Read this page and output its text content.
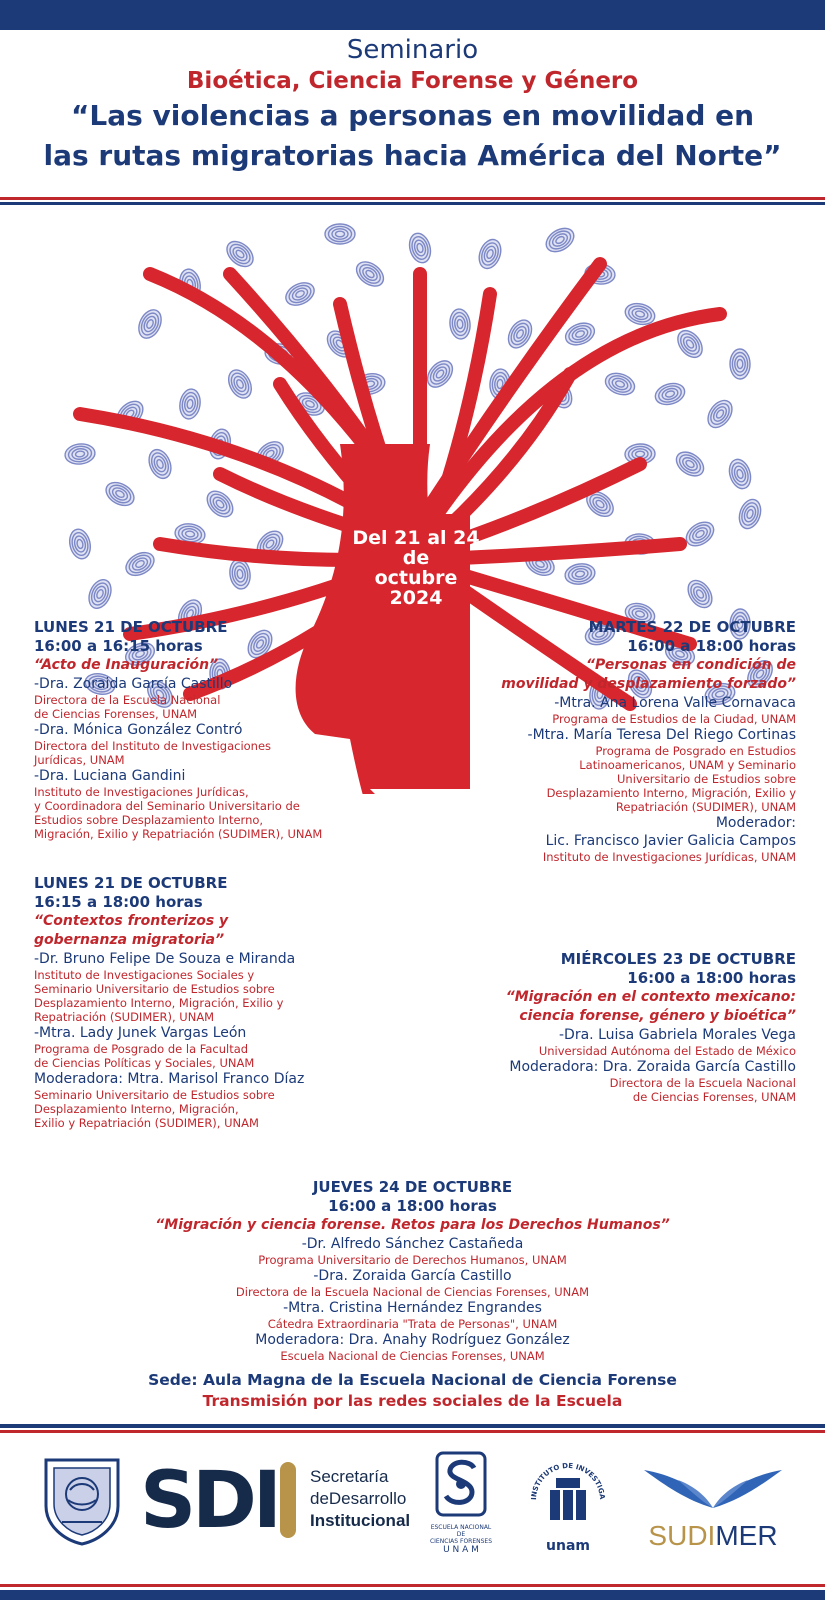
Seminario
Bioética, Ciencia Forense y Género
“Las violencias a personas en movilidad en
las rutas migratorias hacia América del Norte”
Del 21 al 24
de
octubre
2024
LUNES 21 DE OCTUBRE
16:00 a 16:15 horas
“Acto de Inauguración”
-Dra. Zoraida García Castillo
Directora de la Escuela Nacional
de Ciencias Forenses, UNAM
-Dra. Mónica González Contró
Directora del Instituto de Investigaciones
Jurídicas, UNAM
-Dra. Luciana Gandini
Instituto de Investigaciones Jurídicas,
y Coordinadora del Seminario Universitario de
Estudios sobre Desplazamiento Interno,
Migración, Exilio y Repatriación (SUDIMER), UNAM
LUNES 21 DE OCTUBRE
16:15 a 18:00 horas
“Contextos fronterizos y
gobernanza migratoria”
-Dr. Bruno Felipe De Souza e Miranda
Instituto de Investigaciones Sociales y
Seminario Universitario de Estudios sobre
Desplazamiento Interno, Migración, Exilio y
Repatriación (SUDIMER), UNAM
-Mtra. Lady Junek Vargas León
Programa de Posgrado de la Facultad
de Ciencias Políticas y Sociales, UNAM
Moderadora: Mtra. Marisol Franco Díaz
Seminario Universitario de Estudios sobre
Desplazamiento Interno, Migración,
Exilio y Repatriación (SUDIMER), UNAM
MARTES 22 DE OCTUBRE
16:00 a 18:00 horas
“Personas en condición de
movilidad y desplazamiento forzado”
-Mtra. Ana Lorena Valle Cornavaca
Programa de Estudios de la Ciudad, UNAM
-Mtra. María Teresa Del Riego Cortinas
Programa de Posgrado en Estudios
Latinoamericanos, UNAM y Seminario
Universitario de Estudios sobre
Desplazamiento Interno, Migración, Exilio y
Repatriación (SUDIMER), UNAM
Moderador:
Lic. Francisco Javier Galicia Campos
Instituto de Investigaciones Jurídicas, UNAM
MIÉRCOLES 23 DE OCTUBRE
16:00 a 18:00 horas
“Migración en el contexto mexicano:
ciencia forense, género y bioética”
-Dra. Luisa Gabriela Morales Vega
Universidad Autónoma del Estado de México
Moderadora: Dra. Zoraida García Castillo
Directora de la Escuela Nacional
de Ciencias Forenses, UNAM
JUEVES 24 DE OCTUBRE
16:00 a 18:00 horas
“Migración y ciencia forense. Retos para los Derechos Humanos”
-Dr. Alfredo Sánchez Castañeda
Programa Universitario de Derechos Humanos, UNAM
-Dra. Zoraida García Castillo
Directora de la Escuela Nacional de Ciencias Forenses, UNAM
-Mtra. Cristina Hernández Engrandes
Cátedra Extraordinaria "Trata de Personas", UNAM
Moderadora: Dra. Anahy Rodríguez González
Escuela Nacional de Ciencias Forenses, UNAM
Sede: Aula Magna de la Escuela Nacional de Ciencia Forense
Transmisión por las redes sociales de la Escuela
SDI	Secretaría
deDesarrollo
Institucional	ESCUELA NACIONAL DE
CIENCIAS FORENSES
U N A M
INSTITUTO DE INVESTIGA
unam	SUDIMER
